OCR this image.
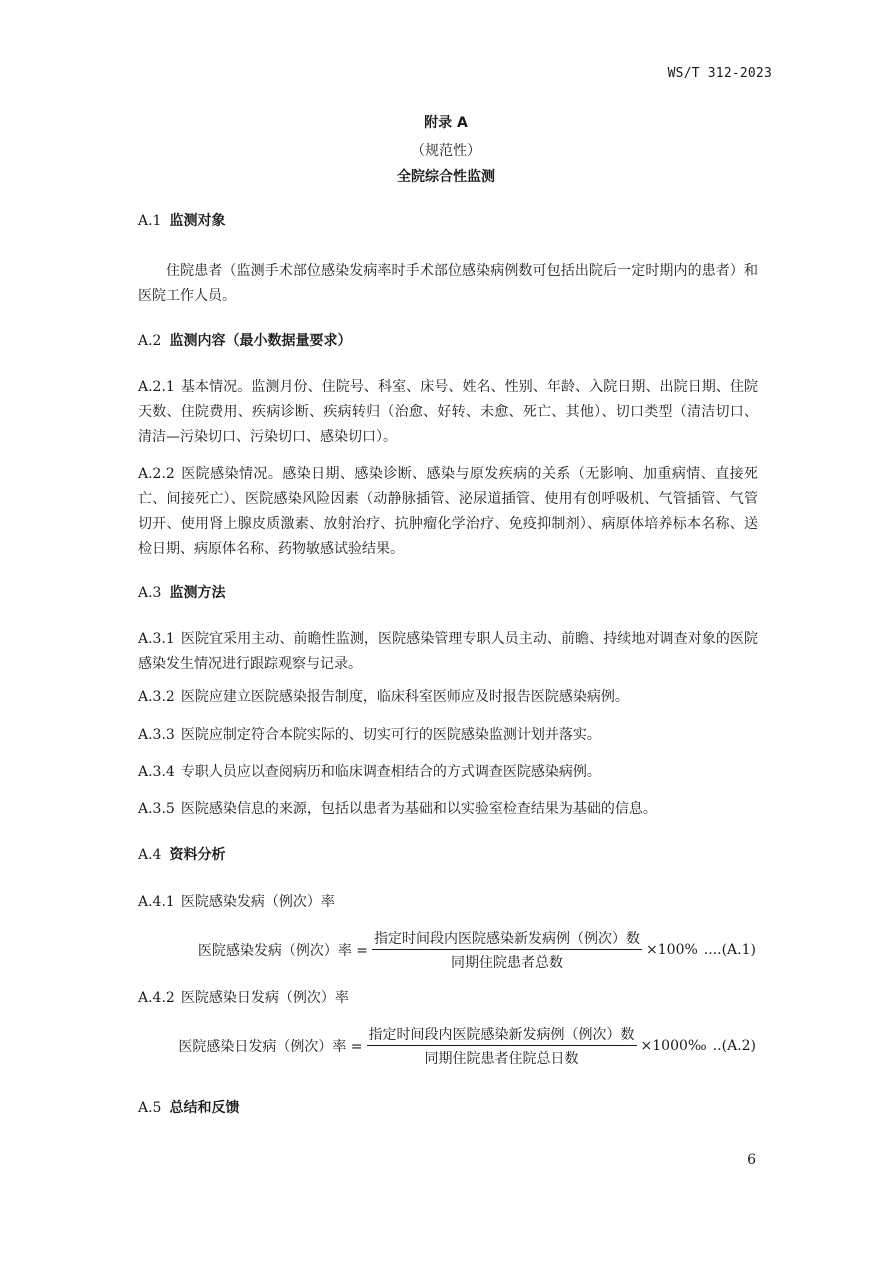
WS/T 312-2023
附录 A
（规范性）
全院综合性监测
A.1 监测对象
住院患者（监测手术部位感染发病率时手术部位感染病例数可包括出院后一定时期内的患者）和医院工作人员。
A.2 监测内容（最小数据量要求）
A.2.1 基本情况。监测月份、住院号、科室、床号、姓名、性别、年龄、入院日期、出院日期、住院天数、住院费用、疾病诊断、疾病转归（治愈、好转、未愈、死亡、其他）、切口类型（清洁切口、清洁—污染切口、污染切口、感染切口）。
A.2.2 医院感染情况。感染日期、感染诊断、感染与原发疾病的关系（无影响、加重病情、直接死亡、间接死亡）、医院感染风险因素（动静脉插管、泌尿道插管、使用有创呼吸机、气管插管、气管切开、使用肾上腺皮质激素、放射治疗、抗肿瘤化学治疗、免疫抑制剂）、病原体培养标本名称、送检日期、病原体名称、药物敏感试验结果。
A.3 监测方法
A.3.1 医院宜采用主动、前瞻性监测，医院感染管理专职人员主动、前瞻、持续地对调查对象的医院感染发生情况进行跟踪观察与记录。
A.3.2 医院应建立医院感染报告制度，临床科室医师应及时报告医院感染病例。
A.3.3 医院应制定符合本院实际的、切实可行的医院感染监测计划并落实。
A.3.4 专职人员应以查阅病历和临床调查相结合的方式调查医院感染病例。
A.3.5 医院感染信息的来源，包括以患者为基础和以实验室检查结果为基础的信息。
A.4 资料分析
A.4.1 医院感染发病（例次）率
医院感染发病（例次）率 = $\frac{\text{指定时间段内医院感染新发病例（例次）数}}{\text{同期住院患者总数}} \times 100\%$ ....(A.1)
A.4.2 医院感染日发病（例次）率
医院感染日发病（例次）率 = $\frac{\text{指定时间段内医院感染新发病例（例次）数}}{\text{同期住院患者住院总日数}}$ ×1000‰ ..(A.2)
A.5 总结和反馈
6
